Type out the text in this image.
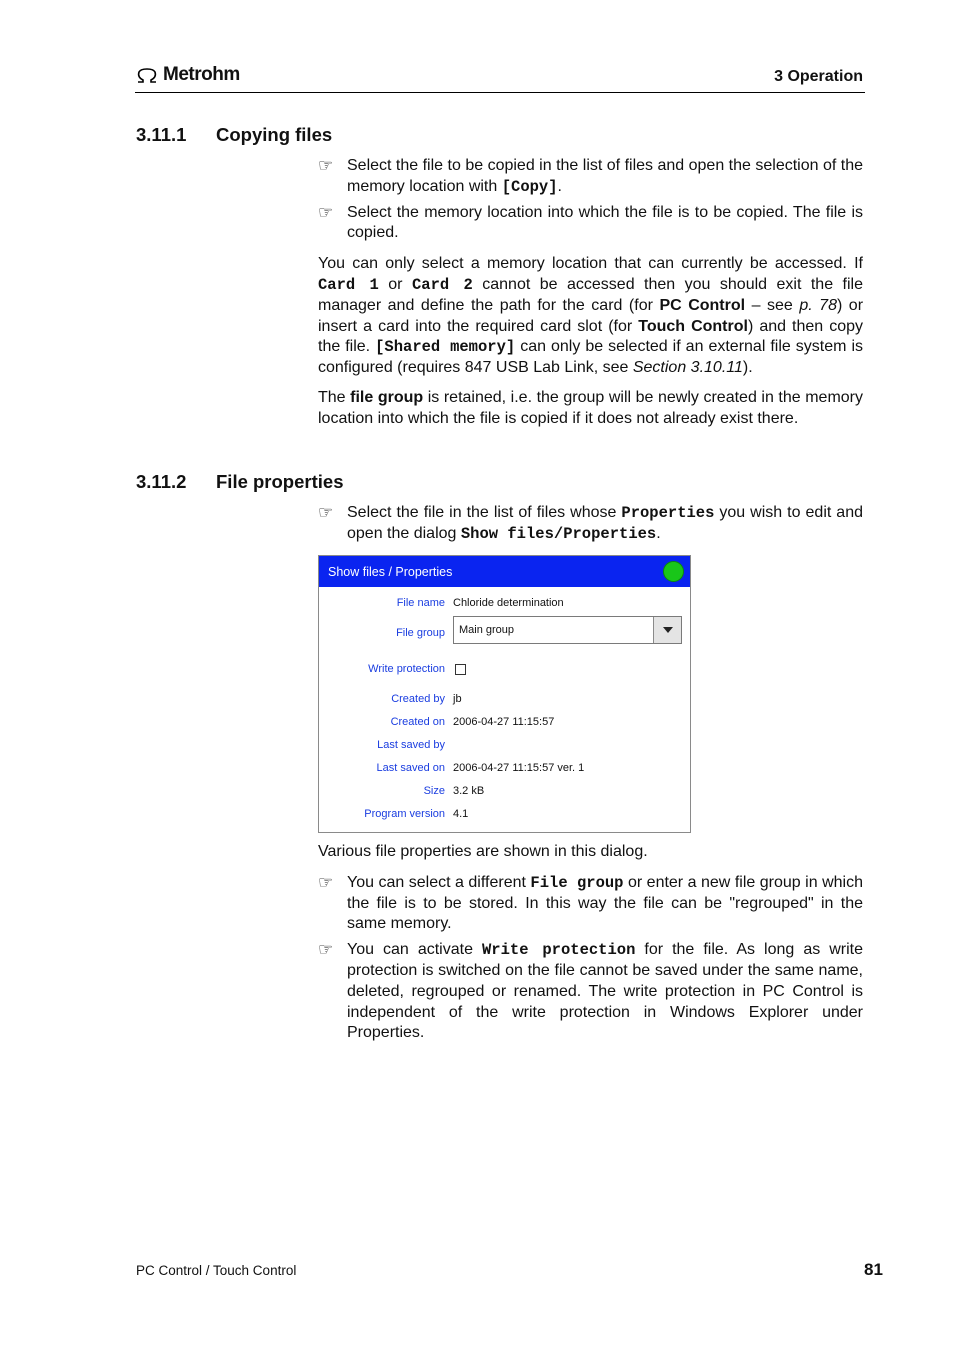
Metrohm	3 Operation
3.11.1 Copying files
☞ Select the file to be copied in the list of files and open the selection of the memory location with [Copy].
☞ Select the memory location into which the file is to be copied. The file is copied.

You can only select a memory location that can currently be accessed. If Card 1 or Card 2 cannot be accessed then you should exit the file manager and define the path for the card (for PC Control – see p. 78) or insert a card into the required card slot (for Touch Control) and then copy the file. [Shared memory] can only be selected if an external file system is configured (requires 847 USB Lab Link, see Section 3.10.11).

The file group is retained, i.e. the group will be newly created in the memory location into which the file is copied if it does not already exist there.

3.11.2 File properties
☞ Select the file in the list of files whose Properties you wish to edit and open the dialog Show files/Properties.
Show files / Properties
File name Chloride determination
File group Main group
Write protection
Created by jb
Created on 2006-04-27 11:15:57
Last saved by
Last saved on 2006-04-27 11:15:57 ver. 1
Size 3.2 kB
Program version 4.1

Various file properties are shown in this dialog.

☞ You can select a different File group or enter a new file group in which the file is to be stored. In this way the file can be "regrouped" in the same memory.
☞ You can activate Write protection for the file. As long as write protection is switched on the file cannot be saved under the same name, deleted, regrouped or renamed. The write protection in PC Control is independent of the write protection in Windows Explorer under Properties.
PC Control / Touch Control	81
